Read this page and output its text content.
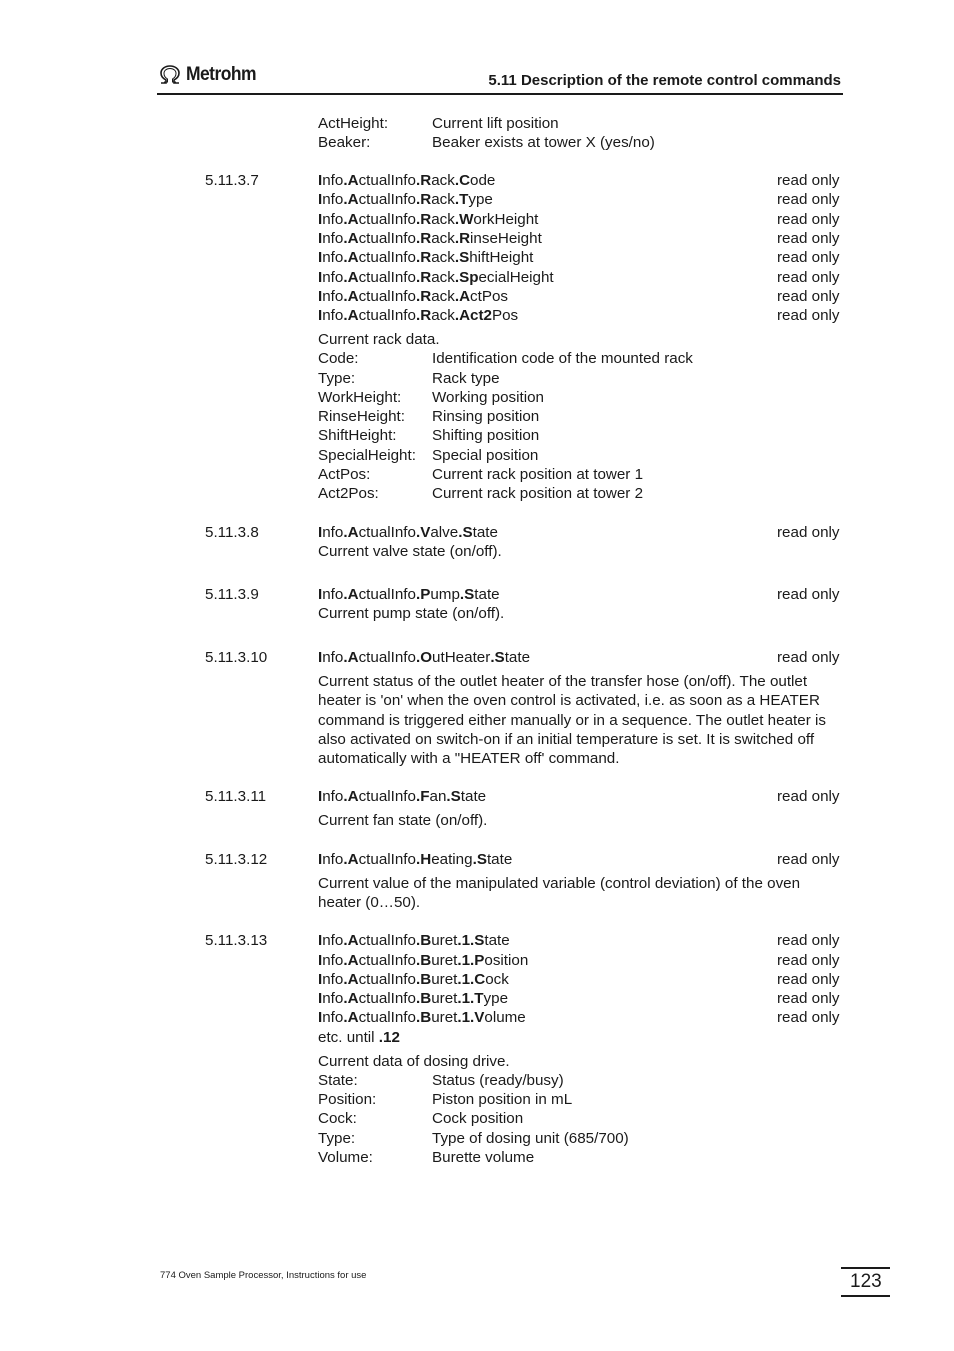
Metrohm	5.11 Description of the remote control commands
ActHeight:	Current lift position
Beaker:	Beaker exists at tower X (yes/no)
5.11.3.7	Info.ActualInfo.Rack.Code	read only
Info.ActualInfo.Rack.Type	read only
Info.ActualInfo.Rack.WorkHeight	read only
Info.ActualInfo.Rack.RinseHeight	read only
Info.ActualInfo.Rack.ShiftHeight	read only
Info.ActualInfo.Rack.SpecialHeight	read only
Info.ActualInfo.Rack.ActPos	read only
Info.ActualInfo.Rack.Act2Pos	read only
Current rack data.
Code:	Identification code of the mounted rack
Type:	Rack type
WorkHeight: Working position
RinseHeight: Rinsing position
ShiftHeight: Shifting position
SpecialHeight: Special position
ActPos:	Current rack position at tower 1
Act2Pos:	Current rack position at tower 2
5.11.3.8	Info.ActualInfo.Valve.State	read only
Current valve state (on/off).
5.11.3.9	Info.ActualInfo.Pump.State	read only
Current pump state (on/off).
5.11.3.10	Info.ActualInfo.OutHeater.State	read only
Current status of the outlet heater of the transfer hose (on/off). The outlet heater is 'on' when the oven control is activated, i.e. as soon as a HEATER command is triggered either manually or in a sequence. The outlet heater is also activated on switch-on if an initial temperature is set. It is switched off automatically with a "HEATER off' command.
5.11.3.11	Info.ActualInfo.Fan.State	read only
Current fan state (on/off).
5.11.3.12	Info.ActualInfo.Heating.State	read only
Current value of the manipulated variable (control deviation) of the oven heater (0…50).
5.11.3.13	Info.ActualInfo.Buret.1.State	read only
Info.ActualInfo.Buret.1.Position	read only
Info.ActualInfo.Buret.1.Cock	read only
Info.ActualInfo.Buret.1.Type	read only
Info.ActualInfo.Buret.1.Volume	read only
etc. until .12
Current data of dosing drive.
State:	Status (ready/busy)
Position:	Piston position in mL
Cock:	Cock position
Type:	Type of dosing unit (685/700)
Volume:	Burette volume
774 Oven Sample Processor, Instructions for use	123
